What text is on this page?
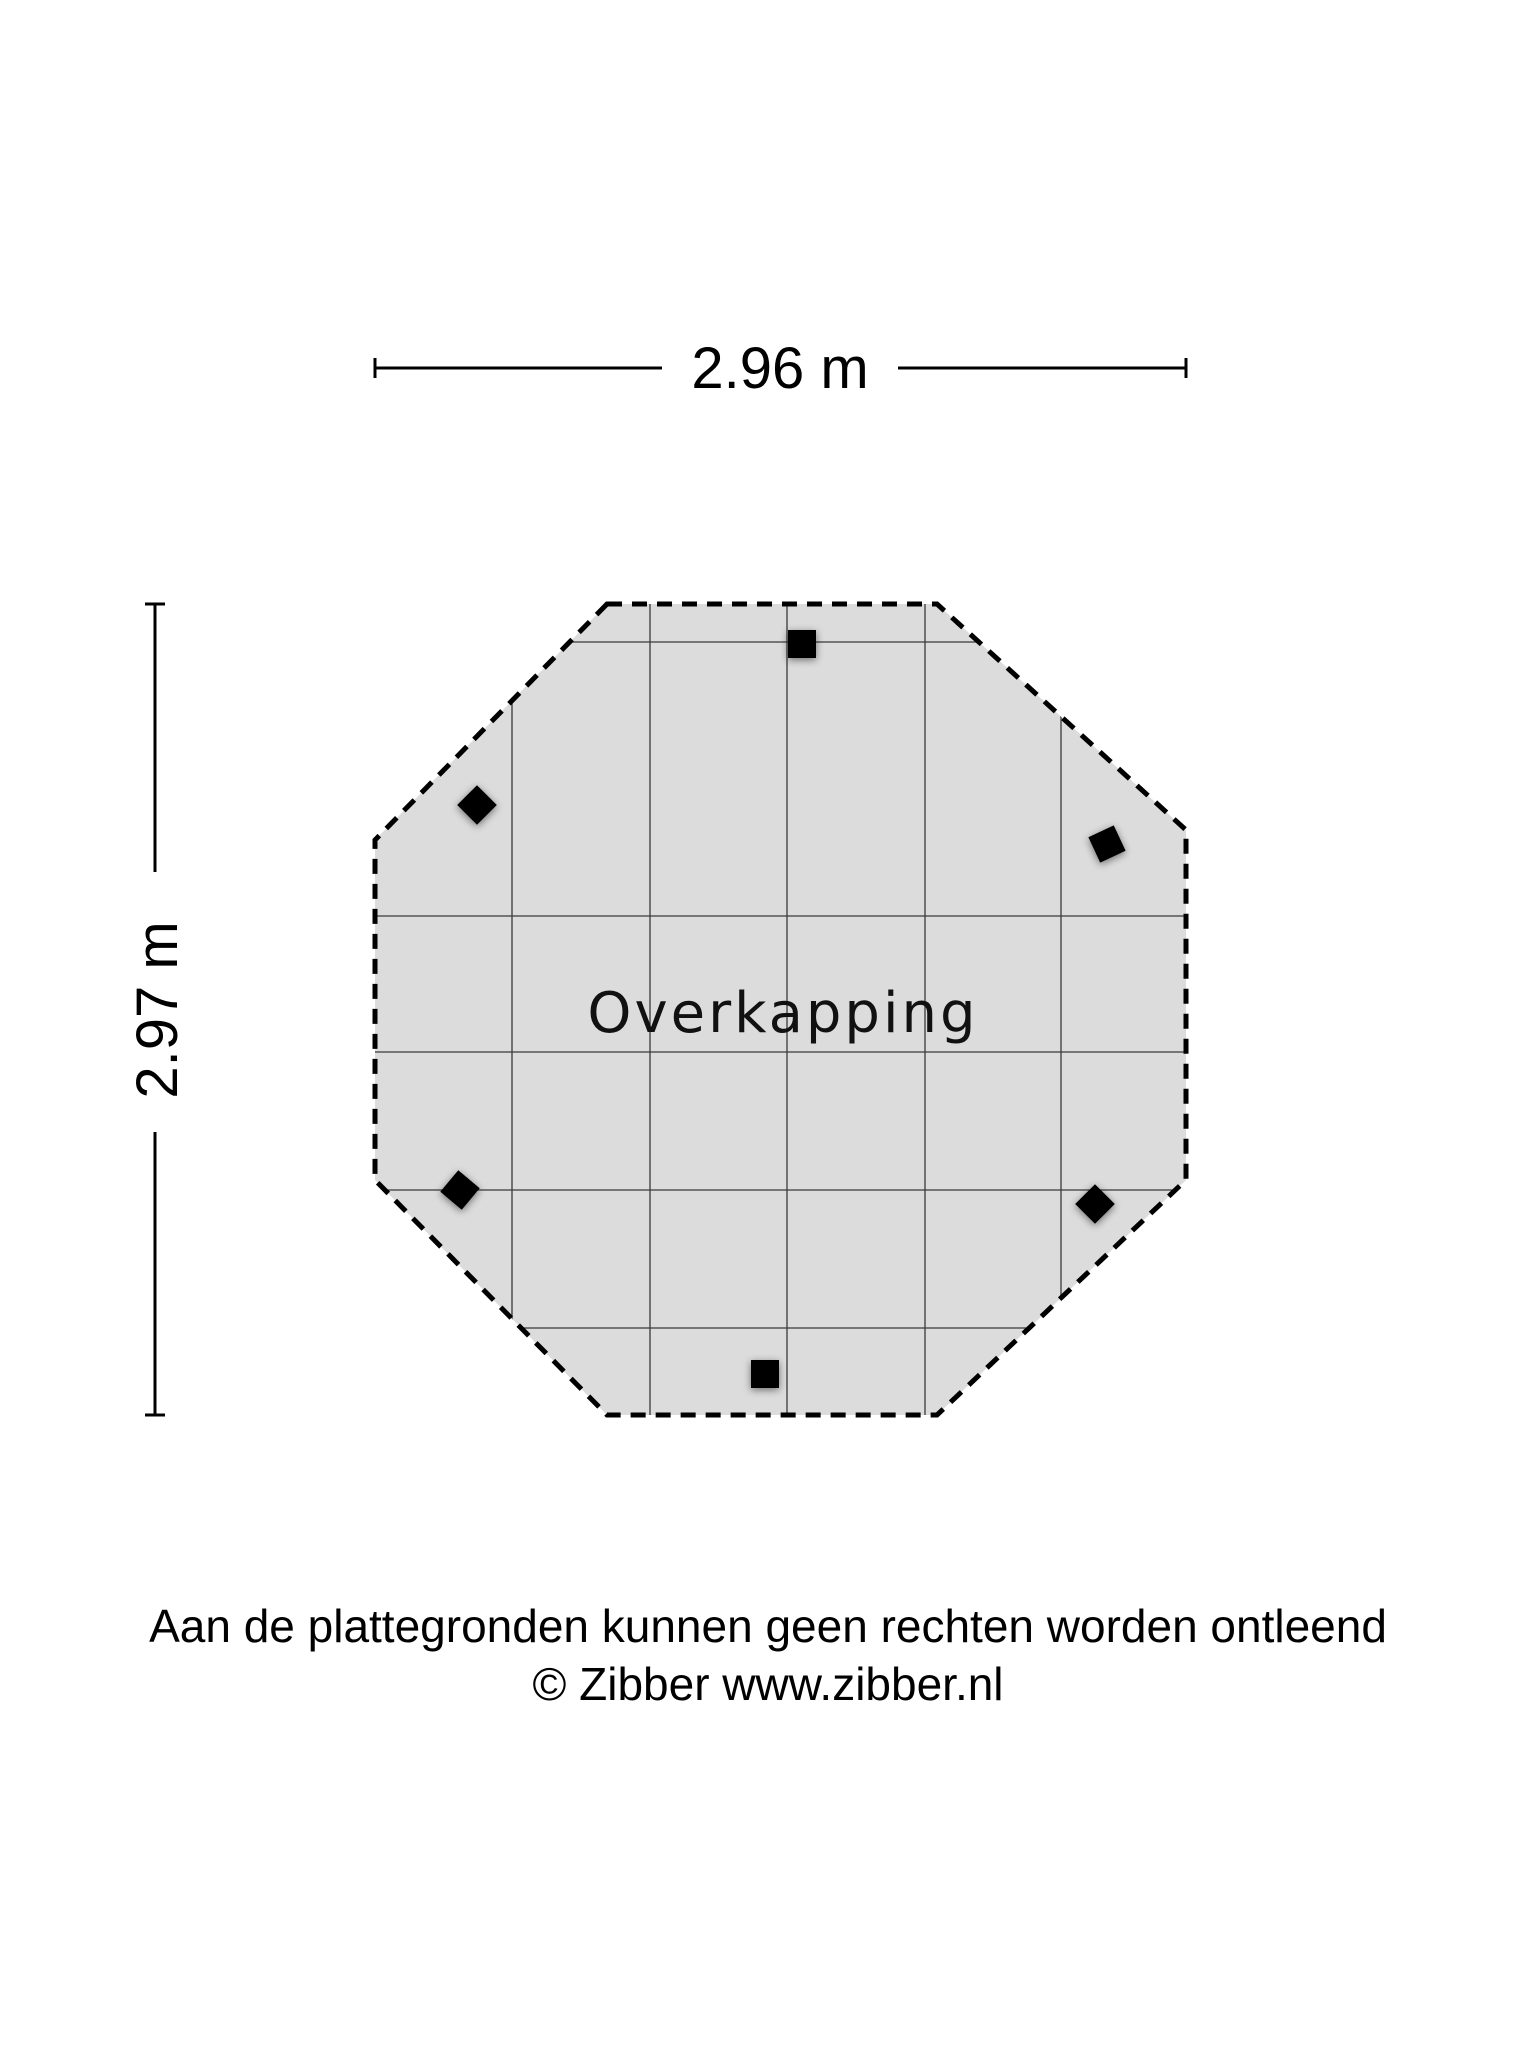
2.96 m
2.97 m	Overkapping
Aan de plattegronden kunnen geen rechten worden ontleend
© Zibber www.zibber.nl
